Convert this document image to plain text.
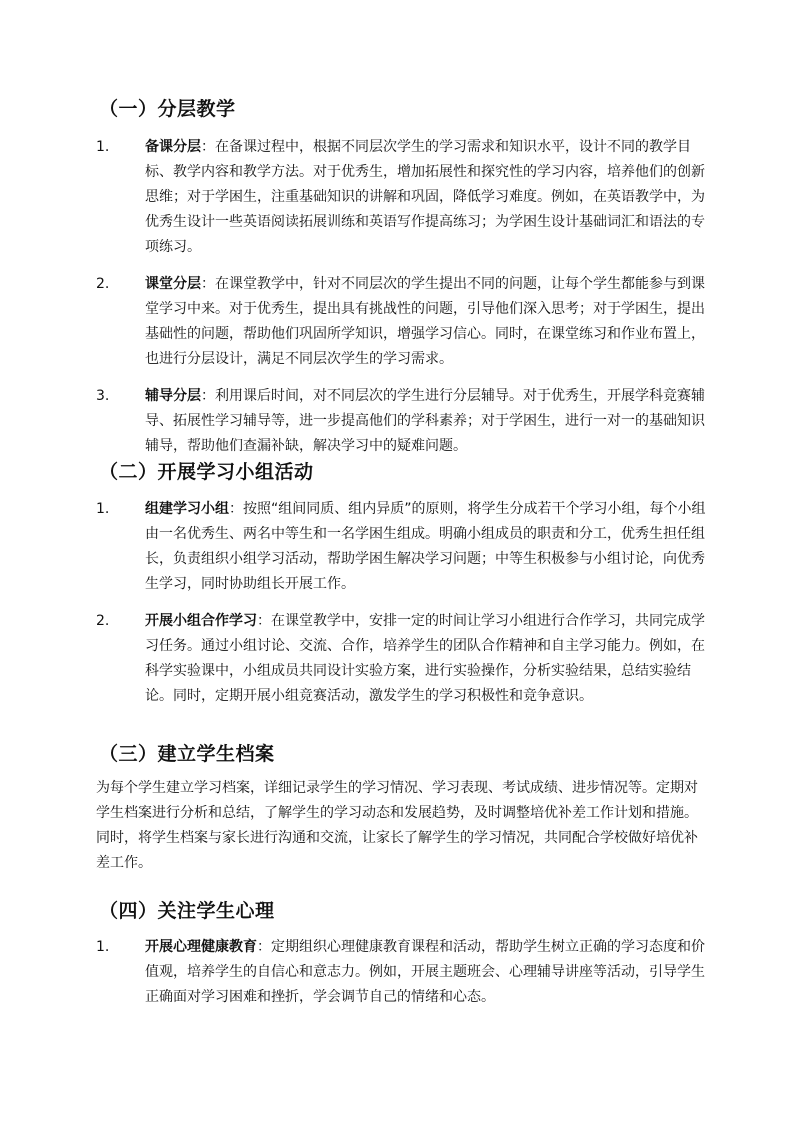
（一）分层教学
1.	备课分层：在备课过程中，根据不同层次学生的学习需求和知识水平，设计不同的教学目标、教学内容和教学方法。对于优秀生，增加拓展性和探究性的学习内容，培养他们的创新思维；对于学困生，注重基础知识的讲解和巩固，降低学习难度。例如，在英语教学中，为优秀生设计一些英语阅读拓展训练和英语写作提高练习；为学困生设计基础词汇和语法的专项练习。
2.	课堂分层：在课堂教学中，针对不同层次的学生提出不同的问题，让每个学生都能参与到课堂学习中来。对于优秀生，提出具有挑战性的问题，引导他们深入思考；对于学困生，提出基础性的问题，帮助他们巩固所学知识，增强学习信心。同时，在课堂练习和作业布置上，也进行分层设计，满足不同层次学生的学习需求。
3.	辅导分层：利用课后时间，对不同层次的学生进行分层辅导。对于优秀生，开展学科竞赛辅导、拓展性学习辅导等，进一步提高他们的学科素养；对于学困生，进行一对一的基础知识辅导，帮助他们查漏补缺，解决学习中的疑难问题。
（二）开展学习小组活动
1.	组建学习小组：按照“组间同质、组内异质”的原则，将学生分成若干个学习小组，每个小组由一名优秀生、两名中等生和一名学困生组成。明确小组成员的职责和分工，优秀生担任组长，负责组织小组学习活动，帮助学困生解决学习问题；中等生积极参与小组讨论，向优秀生学习，同时协助组长开展工作。
2.	开展小组合作学习：在课堂教学中，安排一定的时间让学习小组进行合作学习，共同完成学习任务。通过小组讨论、交流、合作，培养学生的团队合作精神和自主学习能力。例如，在科学实验课中，小组成员共同设计实验方案，进行实验操作，分析实验结果，总结实验结论。同时，定期开展小组竞赛活动，激发学生的学习积极性和竞争意识。
（三）建立学生档案

为每个学生建立学习档案，详细记录学生的学习情况、学习表现、考试成绩、进步情况等。定期对学生档案进行分析和总结，了解学生的学习动态和发展趋势，及时调整培优补差工作计划和措施。同时，将学生档案与家长进行沟通和交流，让家长了解学生的学习情况，共同配合学校做好培优补差工作。

（四）关注学生心理
1.	开展心理健康教育：定期组织心理健康教育课程和活动，帮助学生树立正确的学习态度和价值观，培养学生的自信心和意志力。例如，开展主题班会、心理辅导讲座等活动，引导学生正确面对学习困难和挫折，学会调节自己的情绪和心态。
